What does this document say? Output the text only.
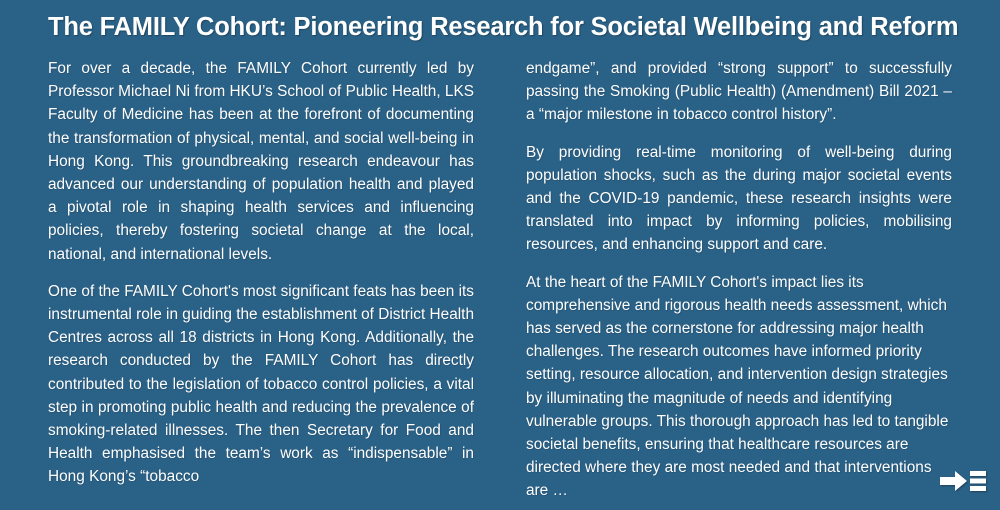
The FAMILY Cohort: Pioneering Research for Societal Wellbeing and Reform

For over a decade, the FAMILY Cohort currently led by Professor Michael Ni from HKU’s School of Public Health, LKS Faculty of Medicine has been at the forefront of documenting the transformation of physical, mental, and social well-being in Hong Kong. This groundbreaking research endeavour has advanced our understanding of population health and played a pivotal role in shaping health services and influencing policies, thereby fostering societal change at the local, national, and international levels.

One of the FAMILY Cohort's most significant feats has been its instrumental role in guiding the establishment of District Health Centres across all 18 districts in Hong Kong. Additionally, the research conducted by the FAMILY Cohort has directly contributed to the legislation of tobacco control policies, a vital step in promoting public health and reducing the prevalence of smoking-related illnesses. The then Secretary for Food and Health emphasised the team’s work as “indispensable” in Hong Kong’s “tobacco

endgame”, and provided “strong support” to successfully passing the Smoking (Public Health) (Amendment) Bill 2021 – a “major milestone in tobacco control history”.

By providing real-time monitoring of well-being during population shocks, such as the during major societal events and the COVID-19 pandemic, these research insights were translated into impact by informing policies, mobilising resources, and enhancing support and care.

At the heart of the FAMILY Cohort's impact lies its comprehensive and rigorous health needs assessment, which has served as the cornerstone for addressing major health challenges. The research outcomes have informed priority setting, resource allocation, and intervention design strategies by illuminating the magnitude of needs and identifying vulnerable groups. This thorough approach has led to tangible societal benefits, ensuring that healthcare resources are directed where they are most needed and that interventions are …
